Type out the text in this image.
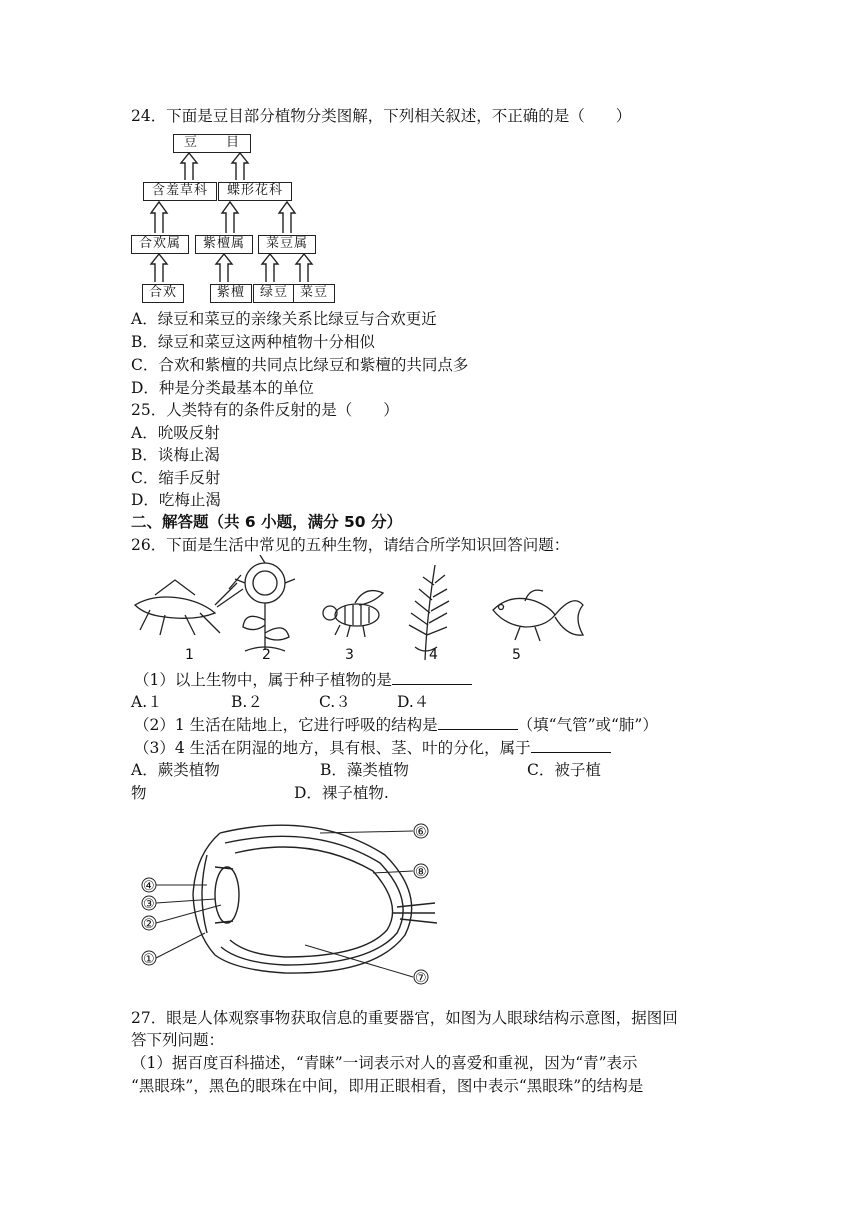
24．下面是豆目部分植物分类图解，下列相关叙述，不正确的是（　　）
豆　　目
含羞草科	蝶形花科
合欢属	紫檀属	菜豆属
合欢	紫檀	绿豆 菜豆
A．绿豆和菜豆的亲缘关系比绿豆与合欢更近
B．绿豆和菜豆这两种植物十分相似
C．合欢和紫檀的共同点比绿豆和紫檀的共同点多
D．种是分类最基本的单位
25．人类特有的条件反射的是（　　）
A．吮吸反射
B．谈梅止渴
C．缩手反射
D．吃梅止渴
二、解答题（共 6 小题，满分 50 分）
26．下面是生活中常见的五种生物，请结合所学知识回答问题：
1	2	3	4	5
（1）以上生物中，属于种子植物的是
A.１	B.２	C.３	D.４
（2）1 生活在陆地上，它进行呼吸的结构是	（填“气管”或“肺”）
（3）4 生活在阴湿的地方，具有根、茎、叶的分化，属于
A．蕨类植物	B．藻类植物	C．被子植
物	D．裸子植物.
④
③
②
①
⑥
⑧
⑦
27．眼是人体观察事物获取信息的重要器官，如图为人眼球结构示意图，据图回
答下列问题：
（1）据百度百科描述，“青睐”一词表示对人的喜爱和重视，因为“青”表示
“黑眼珠”，黑色的眼珠在中间，即用正眼相看，图中表示“黑眼珠”的结构是
